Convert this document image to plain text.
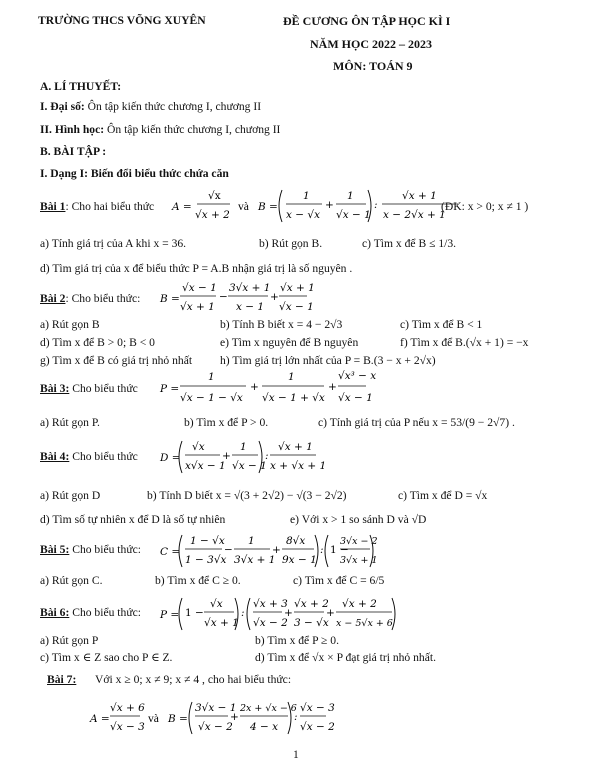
TRƯỜNG THCS VÕNG XUYÊN	ĐỀ CƯƠNG ÔN TẬP HỌC KÌ I
NĂM HỌC 2022 – 2023
MÔN: TOÁN 9
A. LÍ THUYẾT:
I. Đại số: Ôn tập kiến thức chương I, chương II
II. Hình học: Ôn tập kiến thức chương I, chương II
B. BÀI TẬP :
I. Dạng I: Biến đổi biểu thức chứa căn
Bài 1: Cho hai biểu thức A =
√x
√x + 2
và B =
1
x − √x
+
1
√x − 1
:
√x + 1
x − 2√x + 1
(ĐK: x > 0; x ≠ 1 )
a) Tính giá trị của A khi x = 36.	b) Rút gọn B.	c) Tìm x để B ≤ 1/3.
d) Tìm giá trị của x để biểu thức P = A.B nhận giá trị là số nguyên .
Bài 2: Cho biểu thức: B =
√x − 1
√x + 1
−
3√x + 1
x − 1
+
√x + 1
√x − 1
a) Rút gọn B	b) Tính B biết x = 4 − 2√3	c) Tìm x để B < 1
d) Tìm x để B > 0; B < 0	e) Tìm x nguyên để B nguyên	f) Tìm x để B.(√x + 1) = −x
g) Tìm x để B có giá trị nhỏ nhất h) Tìm giá trị lớn nhất của P = B.(3 − x + 2√x)
Bài 3: Cho biểu thức P =
1
√x − 1 − √x
+
1
√x − 1 + √x
+
√x³ − x
√x − 1
a) Rút gọn P.	b) Tìm x để P > 0.	c) Tính giá trị của P nếu x = 53/(9 − 2√7) .
Bài 4: Cho biểu thức D =
√x
x√x − 1
+
1
√x − 1
:
√x + 1
x + √x + 1
a) Rút gọn D	b) Tính D biết x = √(3 + 2√2) − √(3 − 2√2)	c) Tìm x để D = √x
d) Tìm số tự nhiên x để D là số tự nhiên	e) Với x > 1 so sánh D và √D
Bài 5: Cho biểu thức: C =
1 − √x
1 − 3√x
−
1
3√x + 1
+
8√x
9x − 1
: 1 −
3√x − 2
3√x + 1
a) Rút gọn C.	b) Tìm x để C ≥ 0.	c) Tìm x để C = 6/5
Bài 6: Cho biểu thức: P = 1 −
√x
√x + 1
:
√x + 3
√x − 2
+
√x + 2
3 − √x
+
√x + 2
x − 5√x + 6
a) Rút gọn P	b) Tìm x để P ≥ 0.
c) Tìm x ∈ Z sao cho P ∈ Z.	d) Tìm x để √x × P đạt giá trị nhỏ nhất.
Bài 7: Với x ≥ 0; x ≠ 9; x ≠ 4 , cho hai biểu thức:
A =
√x + 6
√x − 3
và B =
3√x − 1
√x − 2
+
2x + √x − 6
4 − x
:
√x − 3
√x − 2
1
